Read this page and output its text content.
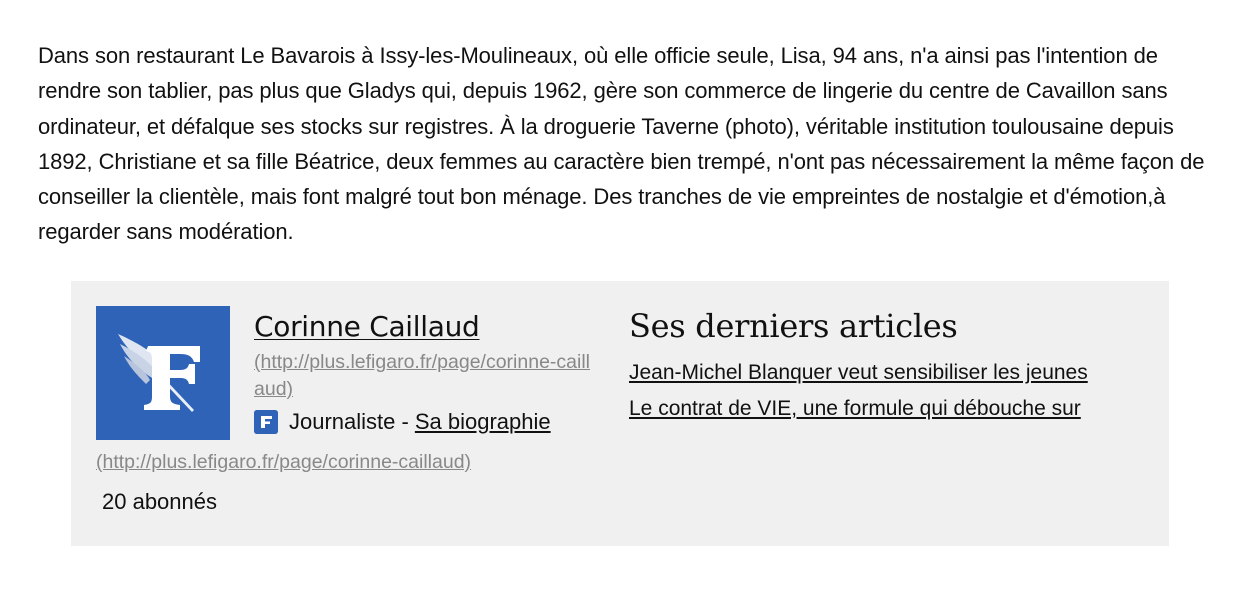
Dans son restaurant Le Bavarois à Issy-les-Moulineaux, où elle officie seule, Lisa, 94 ans, n'a ainsi pas l'intention de rendre son tablier, pas plus que Gladys qui, depuis 1962, gère son commerce de lingerie du centre de Cavaillon sans ordinateur, et défalque ses stocks sur registres. À la droguerie Taverne (photo), véritable institution toulousaine depuis 1892, Christiane et sa fille Béatrice, deux femmes au caractère bien trempé, n'ont pas nécessairement la même façon de conseiller la clientèle, mais font malgré tout bon ménage. Des tranches de vie empreintes de nostalgie et d'émotion,à regarder sans modération.

Corinne Caillaud
(http://plus.lefigaro.fr/page/corinne-caillaud)
Journaliste - Sa biographie
(http://plus.lefigaro.fr/page/corinne-caillaud)
20 abonnés
Ses derniers articles
Jean-Michel Blanquer veut sensibiliser les jeunes
Le contrat de VIE, une formule qui débouche sur
